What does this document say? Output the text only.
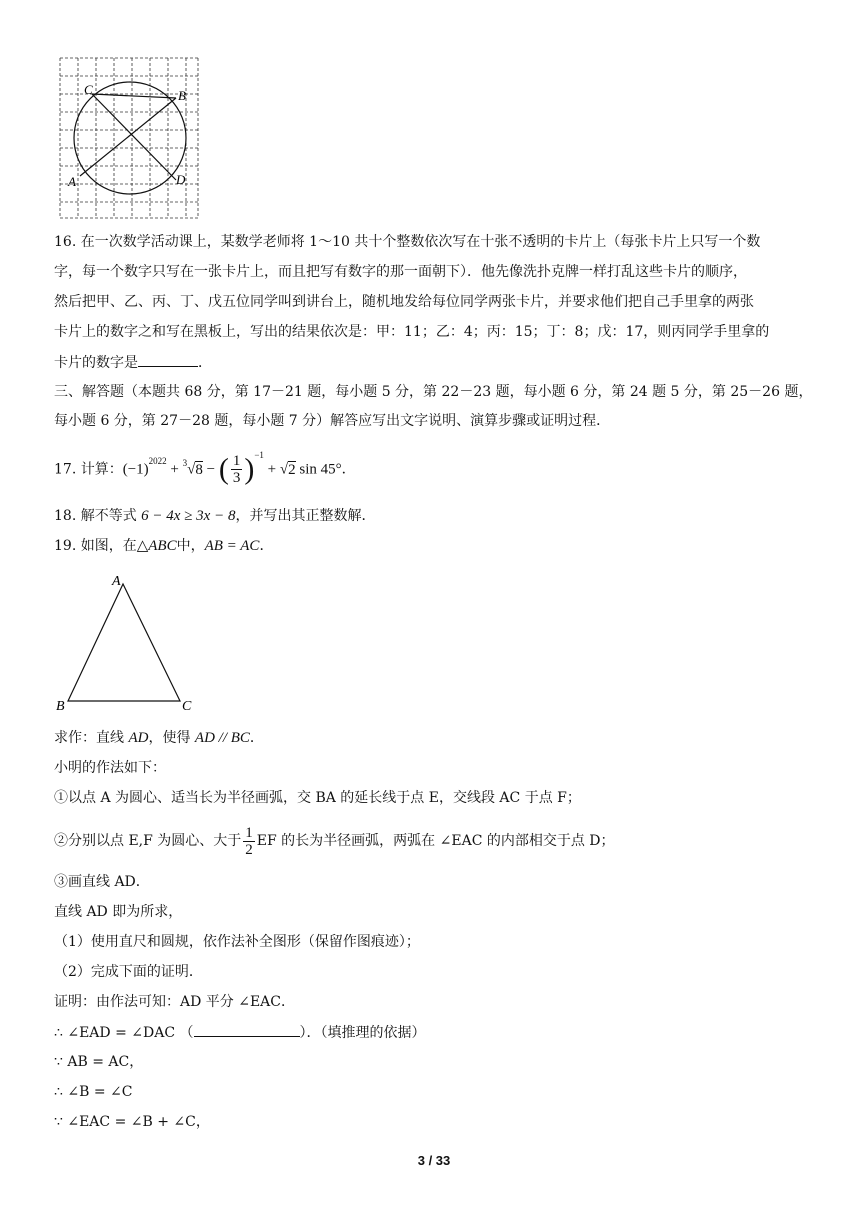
C	B
A	D
16. 在一次数学活动课上，某数学老师将 1～10 共十个整数依次写在十张不透明的卡片上（每张卡片上只写一个数
字，每一个数字只写在一张卡片上，而且把写有数字的那一面朝下）．他先像洗扑克牌一样打乱这些卡片的顺序，
然后把甲、乙、丙、丁、戊五位同学叫到讲台上，随机地发给每位同学两张卡片，并要求他们把自己手里拿的两张
卡片上的数字之和写在黑板上，写出的结果依次是：甲：11；乙：4；丙：15；丁：8；戊：17，则丙同学手里拿的
卡片的数字是	．
三、解答题（本题共 68 分，第 17－21 题，每小题 5 分，第 22－23 题，每小题 6 分，第 24 题 5 分，第 25－26 题，
每小题 6 分，第 27－28 题，每小题 7 分）解答应写出文字说明、演算步骤或证明过程．
17. 计算：$(-1)^{2022} + ^3√8$ − ( $\frac{1}{3} )^{-1} + √2$ sin 45°．
18. 解不等式 6 − 4x ≥ 3x − 8，并写出其正整数解．
19. 如图，在△ABC中，AB = AC．
A
B	C
求作：直线 AD，使得 AD // BC．
小明的作法如下：
①以点 A 为圆心、适当长为半径画弧，交 BA 的延长线于点 E，交线段 AC 于点 F；
②分别以点 E,F 为圆心、大于 $\frac{1}{2}$ EF 的长为半径画弧，两弧在 ∠EAC 的内部相交于点 D；
③画直线 AD．
直线 AD 即为所求，
（1）使用直尺和圆规，依作法补全图形（保留作图痕迹）；
（2）完成下面的证明．
证明：由作法可知：AD 平分 ∠EAC．
∴ ∠EAD = ∠DAC （	）．（填推理的依据）
∵ AB = AC，
∴ ∠B = ∠C
∵ ∠EAC = ∠B + ∠C，
3 / 33
